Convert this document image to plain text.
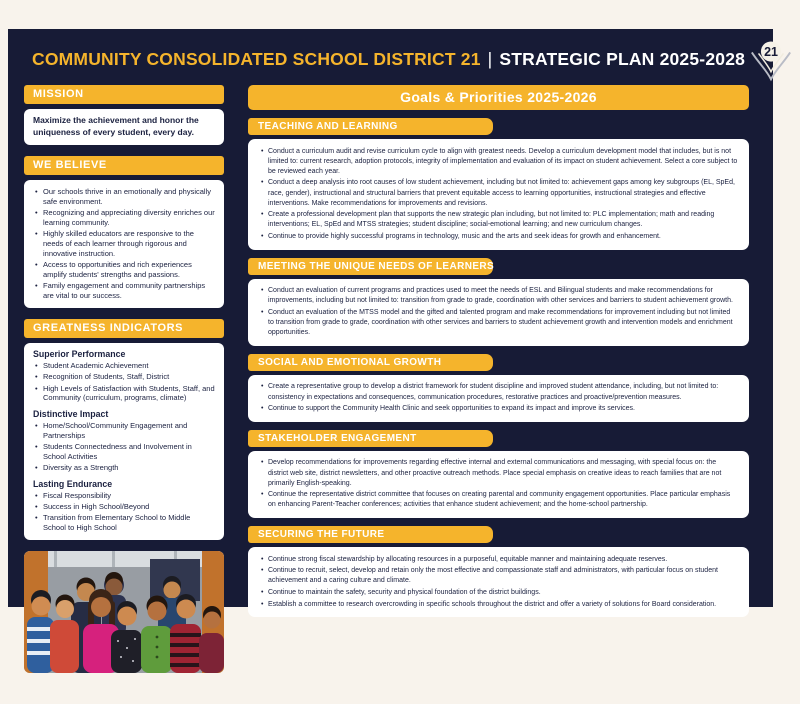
COMMUNITY CONSOLIDATED SCHOOL DISTRICT 21 | STRATEGIC PLAN 2025-2028 21
MISSION
Maximize the achievement and honor the uniqueness of every student, every day.
WE BELIEVE
• Our schools thrive in an emotionally and physically safe environment.
• Recognizing and appreciating diversity enriches our learning community.
• Highly skilled educators are responsive to the needs of each learner through rigorous and innovative instruction.
• Access to opportunities and rich experiences amplify students' strengths and passions.
• Family engagement and community partnerships are vital to our success.
GREATNESS INDICATORS
Superior Performance
• Student Academic Achievement
• Recognition of Students, Staff, District
• High Levels of Satisfaction with Students, Staff, and Community (curriculum, programs, climate)
Distinctive Impact
• Home/School/Community Engagement and Partnerships
• Students Connectedness and Involvement in School Activities
• Diversity as a Strength
Lasting Endurance
• Fiscal Responsibility
• Success in High School/Beyond
• Transition from Elementary School to Middle School to High School
Goals & Priorities 2025-2026
TEACHING AND LEARNING
• Conduct a curriculum audit and revise curriculum cycle to align with greatest needs. Develop a curriculum development model that includes, but is not limited to: current research, adoption protocols, integrity of implementation and evaluation of its impact on student achievement. Select a core subject to be reviewed each year.
• Conduct a deep analysis into root causes of low student achievement, including but not limited to: achievement gaps among key subgroups (EL, SpEd, race, gender), instructional and structural barriers that prevent equitable access to learning opportunities, instructional strategies and effective interventions. Make recommendations for improvements and revisions.
• Create a professional development plan that supports the new strategic plan including, but not limited to: PLC implementation; math and reading interventions; EL, SpEd and MTSS strategies; student discipline; social-emotional learning; and new curriculum changes.
• Continue to provide highly successful programs in technology, music and the arts and seek ideas for growth and enhancement.
MEETING THE UNIQUE NEEDS OF LEARNERS
• Conduct an evaluation of current programs and practices used to meet the needs of ESL and Bilingual students and make recommendations for improvements, including but not limited to: transition from grade to grade, coordination with other services and barriers to student achievement growth.
• Conduct an evaluation of the MTSS model and the gifted and talented program and make recommendations for improvement including but not limited to transition from grade to grade, coordination with other services and barriers to student achievement growth and intervention models and enrichment opportunities.
SOCIAL AND EMOTIONAL GROWTH
• Create a representative group to develop a district framework for student discipline and improved student attendance, including, but not limited to: consistency in expectations and consequences, communication procedures, restorative practices and proactive/prevention measures.
• Continue to support the Community Health Clinic and seek opportunities to expand its impact and improve its services.
STAKEHOLDER ENGAGEMENT
• Develop recommendations for improvements regarding effective internal and external communications and messaging, with special focus on: the district web site, district newsletters, and other proactive outreach methods. Place special emphasis on creative ideas to reach families that are not primarily English-speaking.
• Continue the representative district committee that focuses on creating parental and community engagement opportunities. Place particular emphasis on enhancing Parent-Teacher conferences; activities that enhance student achievement; and the home-school partnership.
SECURING THE FUTURE
• Continue strong fiscal stewardship by allocating resources in a purposeful, equitable manner and maintaining adequate reserves.
• Continue to recruit, select, develop and retain only the most effective and compassionate staff and administrators, with particular focus on student achievement and a caring culture and climate.
• Continue to maintain the safety, security and physical foundation of the district buildings.
• Establish a committee to research overcrowding in specific schools throughout the district and offer a variety of solutions for Board consideration.
